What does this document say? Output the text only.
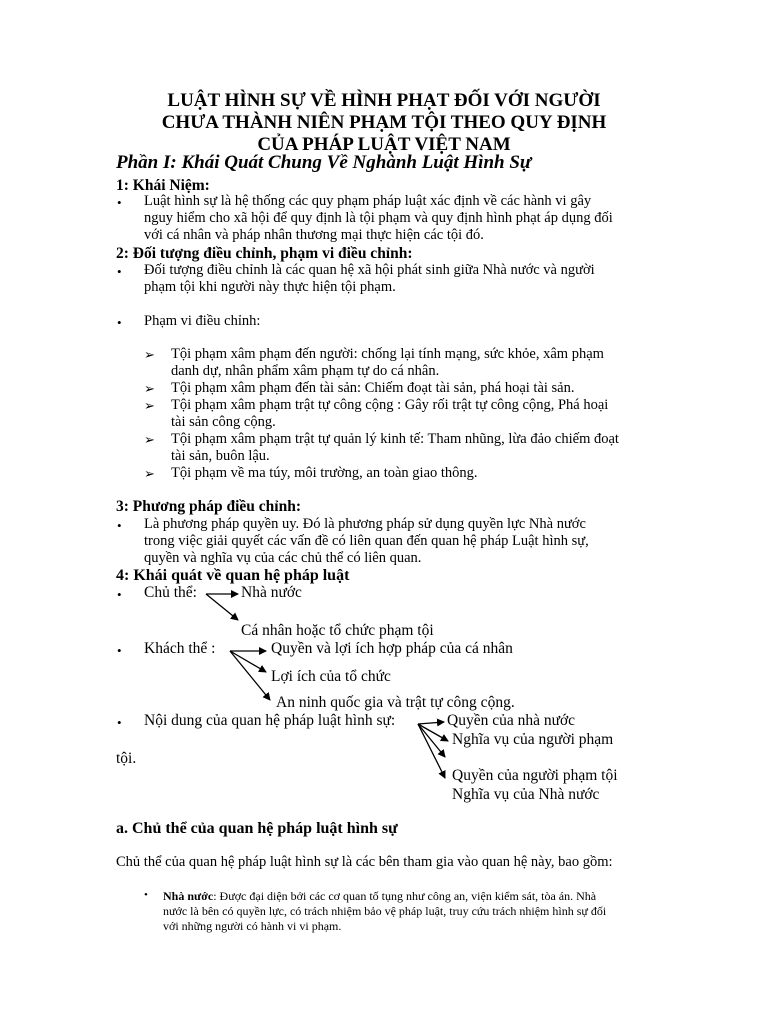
LUẬT HÌNH SỰ VỀ HÌNH PHẠT ĐỐI VỚI NGƯỜI
CHƯA THÀNH NIÊN PHẠM TỘI THEO QUY ĐỊNH
CỦA PHÁP LUẬT VIỆT NAM
Phần I: Khái Quát Chung Về Nghành Luật Hình Sự
1: Khái Niệm:
• Luật hình sự là hệ thống các quy phạm pháp luật xác định về các hành vi gây
nguy hiểm cho xã hội để quy định là tội phạm và quy định hình phạt áp dụng đối
với cá nhân và pháp nhân thương mại thực hiện các tội đó.
2: Đối tượng điều chỉnh, phạm vi điều chỉnh:
• Đối tượng điều chỉnh là các quan hệ xã hội phát sinh giữa Nhà nước và người
phạm tội khi người này thực hiện tội phạm.
• Phạm vi điều chỉnh:
➢ Tội phạm xâm phạm đến người: chống lại tính mạng, sức khỏe, xâm phạm
danh dự, nhân phẩm xâm phạm tự do cá nhân.
➢ Tội phạm xâm phạm đến tài sản: Chiếm đoạt tài sản, phá hoại tài sản.
➢ Tội phạm xâm phạm trật tự công cộng : Gây rối trật tự công cộng, Phá hoại
tài sản công cộng.
➢ Tội phạm xâm phạm trật tự quản lý kinh tế: Tham nhũng, lừa đảo chiếm đoạt
tài sản, buôn lậu.
➢ Tội phạm về ma túy, môi trường, an toàn giao thông.
3: Phương pháp điều chỉnh:
• Là phương pháp quyền uy. Đó là phương pháp sử dụng quyền lực Nhà nước
trong việc giải quyết các vấn đề có liên quan đến quan hệ pháp Luật hình sự,
quyền và nghĩa vụ của các chủ thể có liên quan.
4: Khái quát về quan hệ pháp luật
• Chủ thể:	Nhà nước
Cá nhân hoặc tổ chức phạm tội
• Khách thể :	Quyền và lợi ích hợp pháp của cá nhân
Lợi ích của tổ chức
An ninh quốc gia và trật tự công cộng.
• Nội dung của quan hệ pháp luật hình sự:	Quyền của nhà nước
Nghĩa vụ của người phạm
tội.
Quyền của người phạm tội
Nghĩa vụ của Nhà nước
a. Chủ thể của quan hệ pháp luật hình sự
Chủ thể của quan hệ pháp luật hình sự là các bên tham gia vào quan hệ này, bao gồm:
• Nhà nước: Được đại diện bởi các cơ quan tố tụng như công an, viện kiểm sát, tòa án. Nhà
nước là bên có quyền lực, có trách nhiệm bảo vệ pháp luật, truy cứu trách nhiệm hình sự đối
với những người có hành vi vi phạm.
